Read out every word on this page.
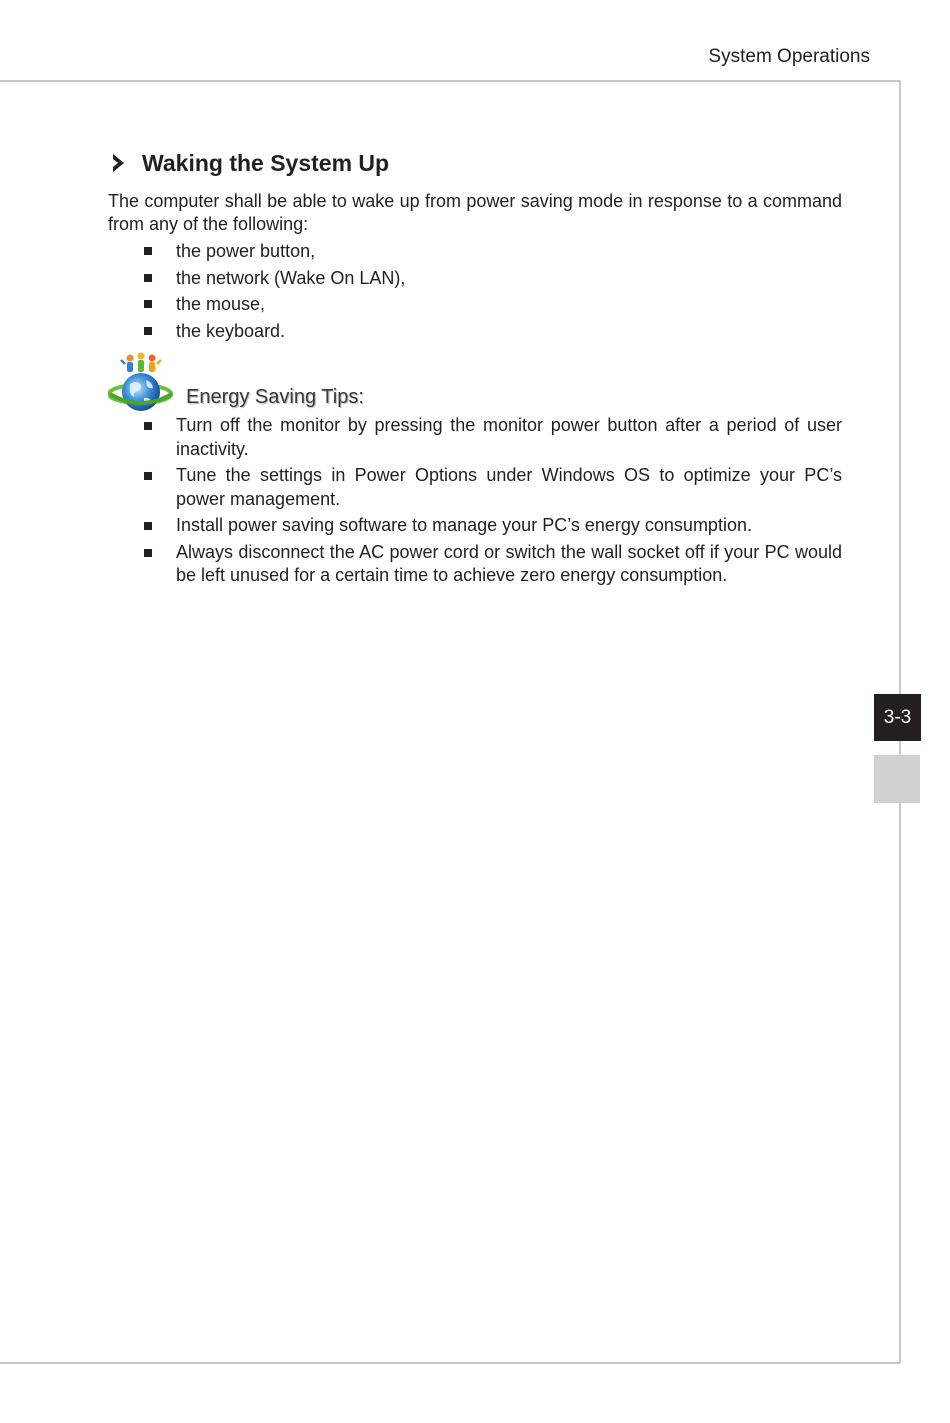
System Operations
Waking the System Up

The computer shall be able to wake up from power saving mode in response to a command from any of the following:

the power button,
the network (Wake On LAN),
the mouse,
the keyboard.
Energy Saving Tips:
Turn off the monitor by pressing the monitor power button after a period of user inactivity.
Tune the settings in Power Options under Windows OS to optimize your PC’s power management.
Install power saving software to manage your PC’s energy consumption.
Always disconnect the AC power cord or switch the wall socket off if your PC would be left unused for a certain time to achieve zero energy consumption.
3-3
